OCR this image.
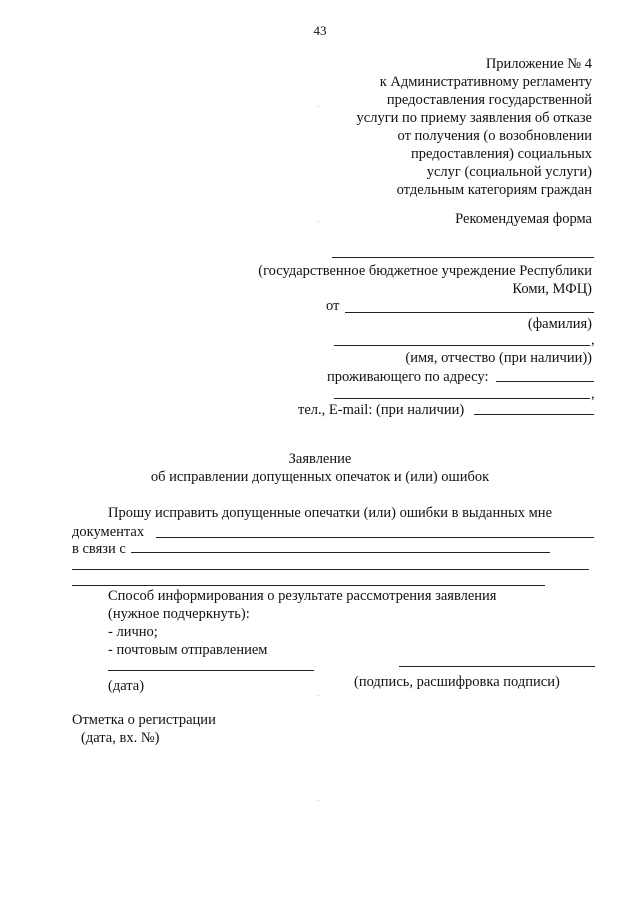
43
Приложение № 4
к Административному регламенту
предоставления государственной
услуги по приему заявления об отказе
от получения (о возобновлении
предоставления) социальных
услуг (социальной услуги)
отдельным категориям граждан
Рекомендуемая форма
(государственное бюджетное учреждение Республики
Коми, МФЦ)
от
(фамилия)
,
(имя, отчество (при наличии))
проживающего по адресу:
,
тел., E-mail: (при наличии)
Заявление
об исправлении допущенных опечаток и (или) ошибок
Прошу исправить допущенные опечатки (или) ошибки в выданных мне
документах
в связи с
Способ информирования о результате рассмотрения заявления
(нужное подчеркнуть):
- лично;
- почтовым отправлением
(дата)	(подпись, расшифровка подписи)
Отметка о регистрации
(дата, вх. №)
